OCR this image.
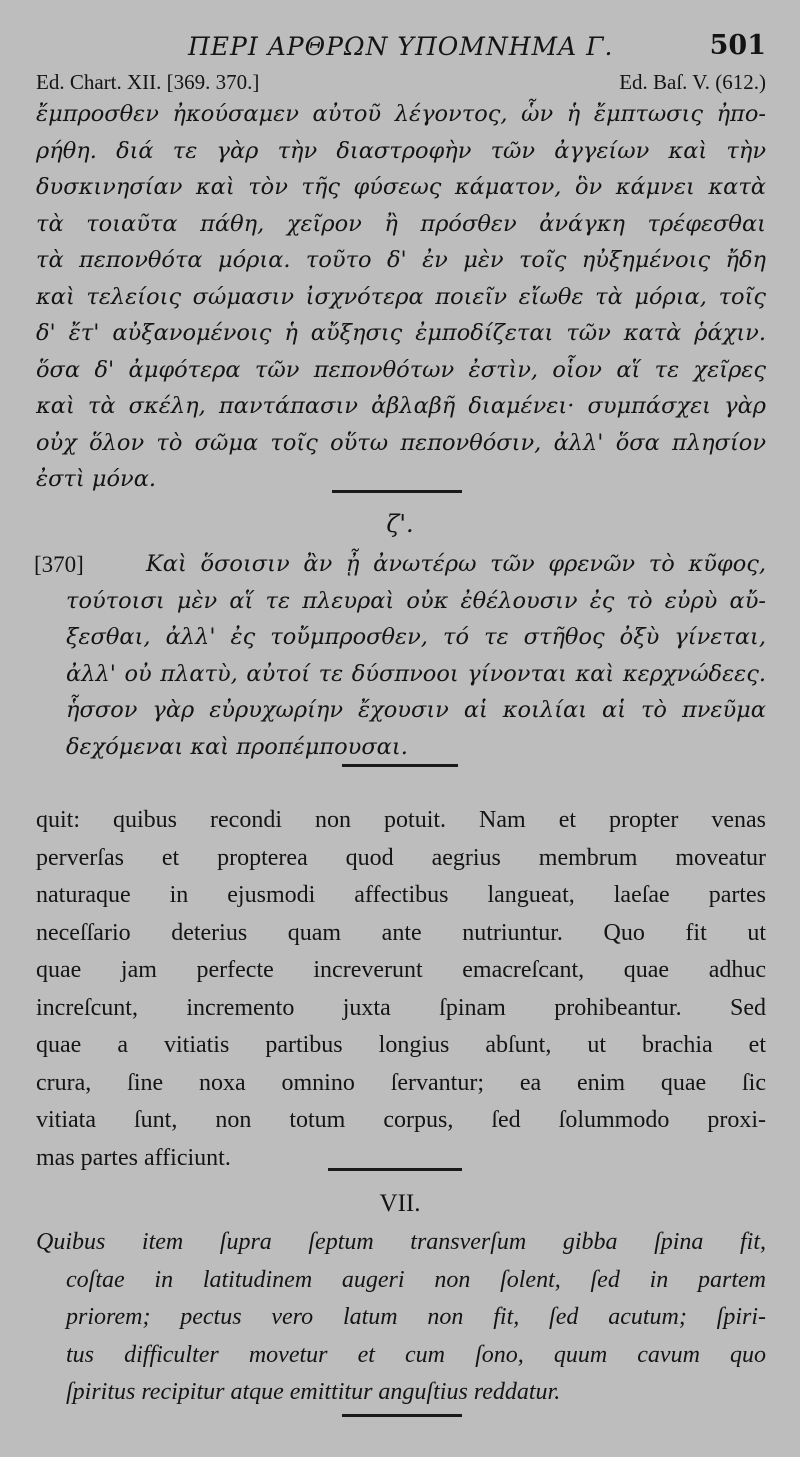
ΠΕΡΙ ΑΡΘΡΩΝ ΥΠΟΜΝΗΜΑ Γ.	501
Ed. Chart. XII. [369. 370.]	Ed. Baſ. V. (612.)
ἔμπροσθεν ἠκούσαμεν αὐτοῦ λέγοντος, ὧν ἡ ἔμπτωσις ἠπο-
ρήθη. διά τε γὰρ τὴν διαστροφὴν τῶν ἀγγείων καὶ τὴν
δυσκινησίαν καὶ τὸν τῆς φύσεως κάματον, ὃν κάμνει κατὰ
τὰ τοιαῦτα πάθη, χεῖρον ἢ πρόσθεν ἀνάγκη τρέφεσθαι
τὰ πεπονθότα μόρια. τοῦτο δ' ἐν μὲν τοῖς ηὐξημένοις ἤδη
καὶ τελείοις σώμασιν ἰσχνότερα ποιεῖν εἴωθε τὰ μόρια, τοῖς
δ' ἔτ' αὐξανομένοις ἡ αὔξησις ἐμποδίζεται τῶν κατὰ ῥάχιν.
ὅσα δ' ἀμφότερα τῶν πεπονθότων ἐστὶν, οἷον αἵ τε χεῖρες
καὶ τὰ σκέλη, παντάπασιν ἀβλαβῆ διαμένει· συμπάσχει γὰρ
οὐχ ὅλον τὸ σῶμα τοῖς οὕτω πεπονθόσιν, ἀλλ' ὅσα πλησίον
ἐστὶ μόνα.
ζ'.
[370]	Καὶ ὅσοισιν ἂν ᾖ ἀνωτέρω τῶν φρενῶν τὸ κῦφος,
τούτοισι μὲν αἵ τε πλευραὶ οὐκ ἐθέλουσιν ἐς τὸ εὐρὺ αὔ-
ξεσθαι, ἀλλ' ἐς τοὔμπροσθεν, τό τε στῆθος ὀξὺ γίνεται,
ἀλλ' οὐ πλατὺ, αὐτοί τε δύσπνοοι γίνονται καὶ κερχνώδεες.
ἧσσον γὰρ εὐρυχωρίην ἔχουσιν αἱ κοιλίαι αἱ τὸ πνεῦμα
δεχόμεναι καὶ προπέμπουσαι.
quit: quibus recondi non potuit. Nam et propter venas
perverſas et propterea quod aegrius membrum moveatur
naturaque in ejusmodi affectibus langueat, laeſae partes
neceſſario deterius quam ante nutriuntur. Quo fit ut
quae jam perfecte increverunt emacreſcant, quae adhuc
increſcunt, incremento juxta ſpinam prohibeantur. Sed
quae a vitiatis partibus longius abſunt, ut brachia et
crura, ſine noxa omnino ſervantur; ea enim quae ſic
vitiata ſunt, non totum corpus, ſed ſolummodo proxi-
mas partes afficiunt.
VII.
Quibus item ſupra ſeptum transverſum gibba ſpina fit,
coſtae in latitudinem augeri non ſolent, ſed in partem
priorem; pectus vero latum non fit, ſed acutum; ſpiri-
tus difficulter movetur et cum ſono, quum cavum quo
ſpiritus recipitur atque emittitur anguſtius reddatur.
